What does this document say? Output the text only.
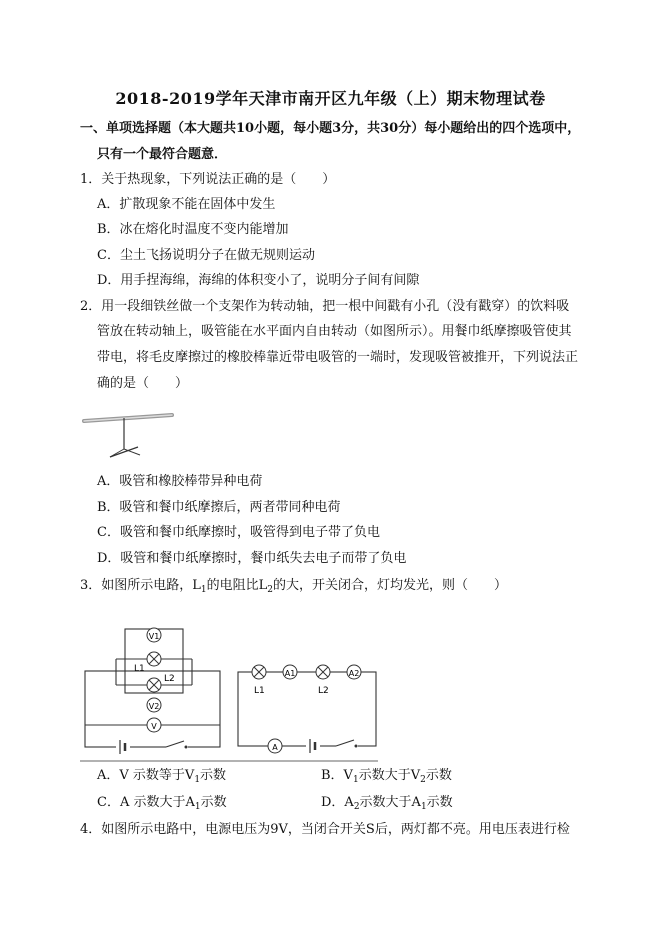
2018-2019学年天津市南开区九年级（上）期末物理试卷
一、单项选择题（本大题共10小题，每小题3分，共30分）每小题给出的四个选项中，
只有一个最符合题意．
1．关于热现象，下列说法正确的是（　　）
A．扩散现象不能在固体中发生
B．冰在熔化时温度不变内能增加
C．尘土飞扬说明分子在做无规则运动
D．用手捏海绵，海绵的体积变小了，说明分子间有间隙
2．用一段细铁丝做一个支架作为转动轴，把一根中间戳有小孔（没有戳穿）的饮料吸
管放在转动轴上，吸管能在水平面内自由转动（如图所示）。用餐巾纸摩擦吸管使其
带电，将毛皮摩擦过的橡胶棒靠近带电吸管的一端时，发现吸管被推开，下列说法正
确的是（　　）
A．吸管和橡胶棒带异种电荷
B．吸管和餐巾纸摩擦后，两者带同种电荷
C．吸管和餐巾纸摩擦时，吸管得到电子带了负电
D．吸管和餐巾纸摩擦时，餐巾纸失去电子而带了负电
3．如图所示电路，$L_1$的电阻比$L_2$的大，开关闭合，灯均发光，则（　　）
V1
L1
L2
V2
V
L1
A1
L2
A2
A
A．V 示数等于$V_1$示数	B．$V_1$示数大于$V_2$示数
C．A 示数大于$A_1$示数	D．$A_2$示数大于$A_1$示数
4．如图所示电路中，电源电压为9V，当闭合开关S后，两灯都不亮。用电压表进行检
